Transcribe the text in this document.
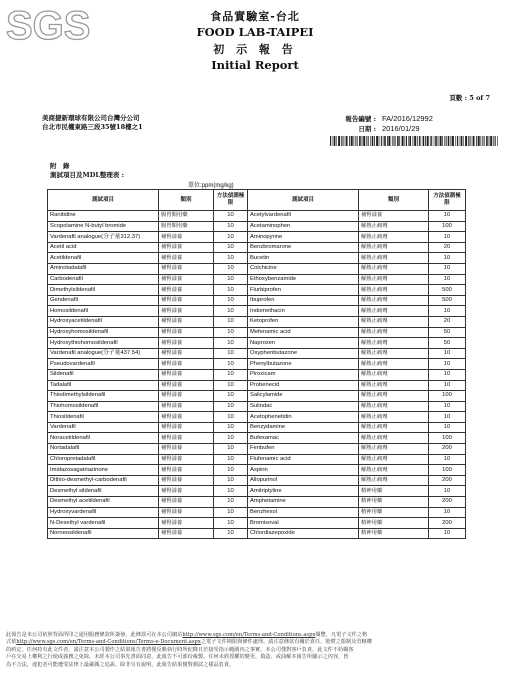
SGS	食品實驗室-台北
FOOD LAB-TAIPEI
初 示 報 告
Initial Report
頁數 : 5 of 7
美商捷新環球有限公司台灣分公司
台北市民權東路三段35號18樓之1
報告編號 : FA/2016/12992
日期 : 2016/01/29
附　錄
測試項目及MDL整理表 :
單位:ppm(mg/kg)
測試項目	類別	方法偵測極限	測試項目	類別	方法偵測極限
Ranitidine	腸胃類用藥	10	Acetylvardenafil	補腎溢養	10
Scopolamine N-butyl bromide	腸胃類用藥	10	Acetaminophen	解熱止痛劑	100
Vardenafil analogue(分子量312.37)	補腎溢養	10	Aminopyrine	解熱止痛劑	10
Acetil acid	補腎溢養	10	Benzbromarone	解熱止痛劑	20
Acetildenafil	補腎溢養	10	Bucetin	解熱止痛劑	10
Aminotadalafil	補腎溢養	10	Colchicine	解熱止痛劑	10
Carbodenafil	補腎溢養	10	Ethoxybenzamide	解熱止痛劑	10
Dimethylsildenafil	補腎溢養	10	Flurbiprofen	解熱止痛劑	500
Gendenafil	補腎溢養	10	Ibuprofen	解熱止痛劑	500
Homosildenafil	補腎溢養	10	Indomethacin	解熱止痛劑	10
Hydroxyacetildenafil	補腎溢養	10	Ketoprofen	解熱止痛劑	20
Hydroxyhomosildenafil	補腎溢養	10	Mefenamic acid	解熱止痛劑	50
Hydroxythiohomosildenafil	補腎溢養	10	Naproxen	解熱止痛劑	50
Vardenafil analogue(分子量437.54)	補腎溢養	10	Oxyphenbutazone	解熱止痛劑	10
Pseudovardenafil	補腎溢養	10	Phenylbutazone	解熱止痛劑	10
Sildenafil	補腎溢養	10	Piroxicam	解熱止痛劑	10
Tadalafil	補腎溢養	10	Probenecid	解熱止痛劑	10
Thiodimethylsildenafil	補腎溢養	10	Salicylamide	解熱止痛劑	100
Thiohomosildenafil	補腎溢養	10	Sulindac	解熱止痛劑	10
Thiosildenafil	補腎溢養	10	Acetophenetidin	解熱止痛劑	10
Vardenafil	補腎溢養	10	Benzydamine	解熱止痛劑	10
Noracetildenafil	補腎溢養	10	Bufexamac	解熱止痛劑	100
Nortadalafil	補腎溢養	10	Fenbufen	解熱止痛劑	200
Chloropretadalafil	補腎溢養	10	Flufenamic acid	解熱止痛劑	10
Imidazosagatriazinone	補腎溢養	10	Aspirin	解熱止痛劑	100
Dithio-desmethyl-carbodenafil	補腎溢養	10	Allopurinol	解熱止痛劑	200
Desmethyl sildenafil	補腎溢養	10	Amitriptyline	精神用藥	10
Desmethyl acetildenafil	補腎溢養	10	Amphetamine	精神用藥	200
Hydroxyvardenafil	補腎溢養	10	Benzhexol	精神用藥	10
N-Desethyl vardenafil	補腎溢養	10	Bromisoval	精神用藥	200
Norneosildenafil	補腎溢養	10	Chlordiazepoxide	精神用藥	10
此報告是本公司依照背面所印之通用服務條款所簽發，此條款可在本公司網站http://www.sgs.com/en/Terms-and-Conditions.aspx閱覽，凡電子文件之格
式依http://www.sgs.com/en/Terms-and-Conditions/Terms-e-Document.aspx之電子文件期限與條件處理。請注意條款有關於責任、賠償之限制及管轄權
的約定。任何持有此文件者，請注意本公司製作之結果報告書將僅反映執行時所紀錄且於接受指示範圍內之事實。本公司僅對客戶負責，此文件不妨礙客
戶在交易上權利之行使或義務之免除。未經本公司事先書面同意，此報告不可部份複製。任何未經授權的變更、偽造、或曲解本報告所顯示之內容，皆
為不合法，違犯者可能遭受法律上最嚴厲之追訴。除非另有說明，此報告結果僅對測試之樣品負責。
